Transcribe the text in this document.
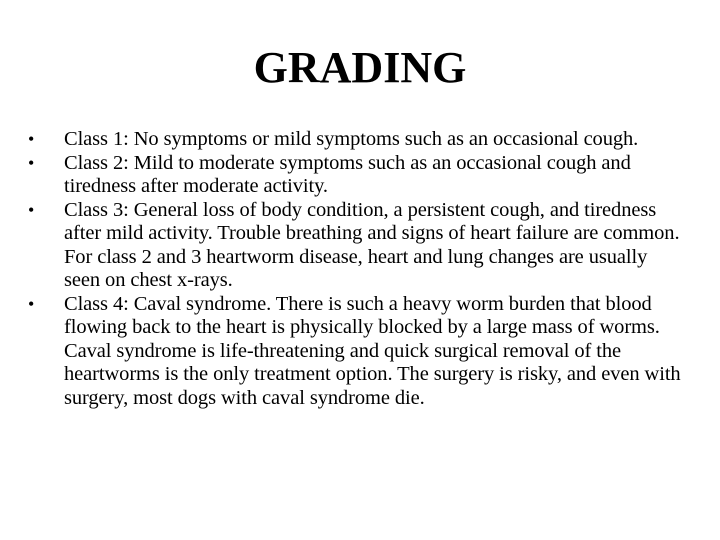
GRADING
•	Class 1: No symptoms or mild symptoms such as an occasional cough.
•	Class 2: Mild to moderate symptoms such as an occasional cough and tiredness after moderate activity.
•	Class 3: General loss of body condition, a persistent cough, and tiredness after mild activity. Trouble breathing and signs of heart failure are common. For class 2 and 3 heartworm disease, heart and lung changes are usually seen on chest x-rays.
•	Class 4: Caval syndrome. There is such a heavy worm burden that blood flowing back to the heart is physically blocked by a large mass of worms. Caval syndrome is life-threatening and quick surgical removal of the heartworms is the only treatment option. The surgery is risky, and even with surgery, most dogs with caval syndrome die.
